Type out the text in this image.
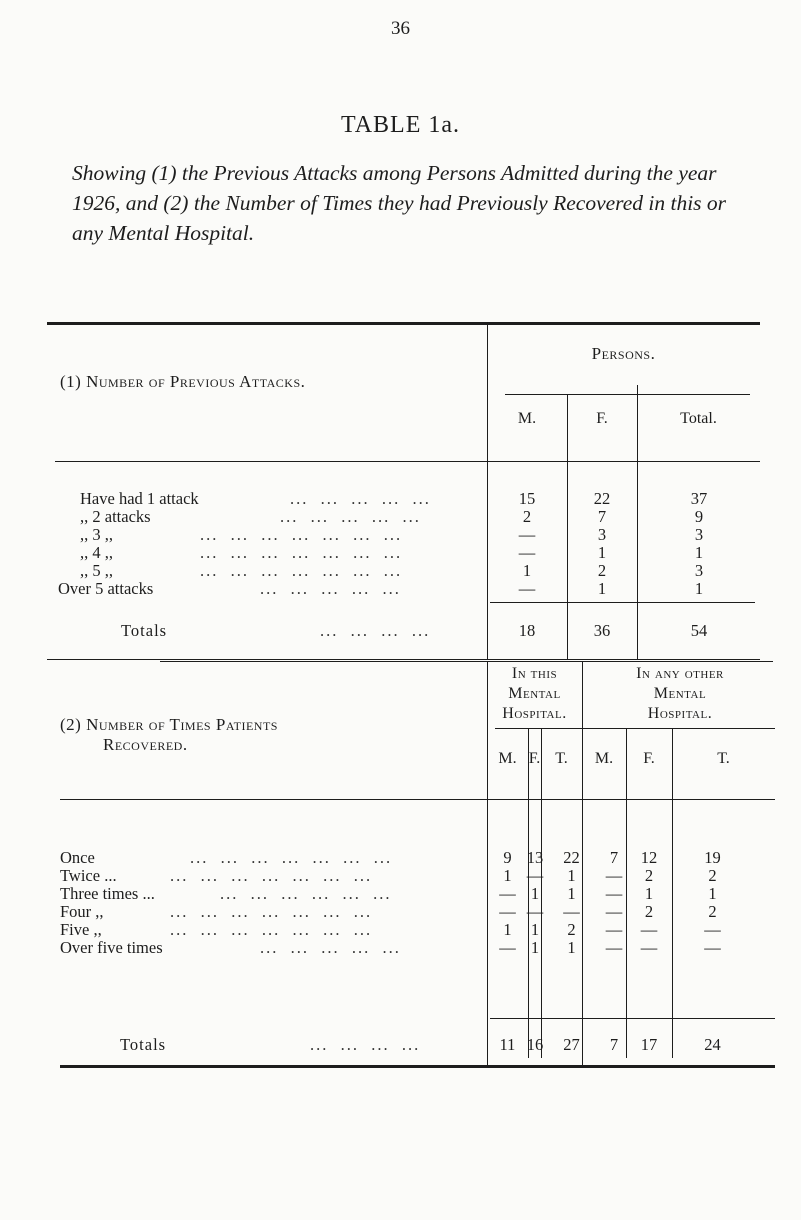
36
TABLE 1a.
Showing (1) the Previous Attacks among Persons Admitted during the year 1926, and (2) the Number of Times they had Previously Recovered in this or any Mental Hospital.
(1) Number of Previous Attacks.
Persons.
M.	F.	Total.
Have had 1 attack	...  ...  ...  ...  ...	15	22	37
,, 2 attacks	...  ...  ...  ...  ...	2	7	9
,, 3 ,,	...  ...  ...  ...  ...  ...  ...	—	3	3
,, 4 ,,	...  ...  ...  ...  ...  ...  ...	—	1	1
,, 5 ,,	...  ...  ...  ...  ...  ...  ...	1	2	3
Over 5 attacks	...  ...  ...  ...  ...	—	1	1
Totals	...  ...  ...  ...	18	36	54
(2) Number of Times Patients
Recovered.
In this
Mental
Hospital.
In any other
Mental
Hospital.
M. F. T.	M.	F.	T.
Once	...  ...  ...  ...  ...  ...  ...	9 13	22	7	12	19
Twice ...	...  ...  ...  ...  ...  ...  ...	1 —	1	—	2	2
Three times ...	...  ...  ...  ...  ...  ...	— 1	1	—	1	1
Four ,,	...  ...  ...  ...  ...  ...  ...	— —	—	—	2	2
Five ,,	...  ...  ...  ...  ...  ...  ...	1	1	2	—	—	—
Over five times	...  ...  ...  ...  ...	— 1	1	—	—	—
Totals	...  ...  ...  ...	11 16	27	7	17	24
